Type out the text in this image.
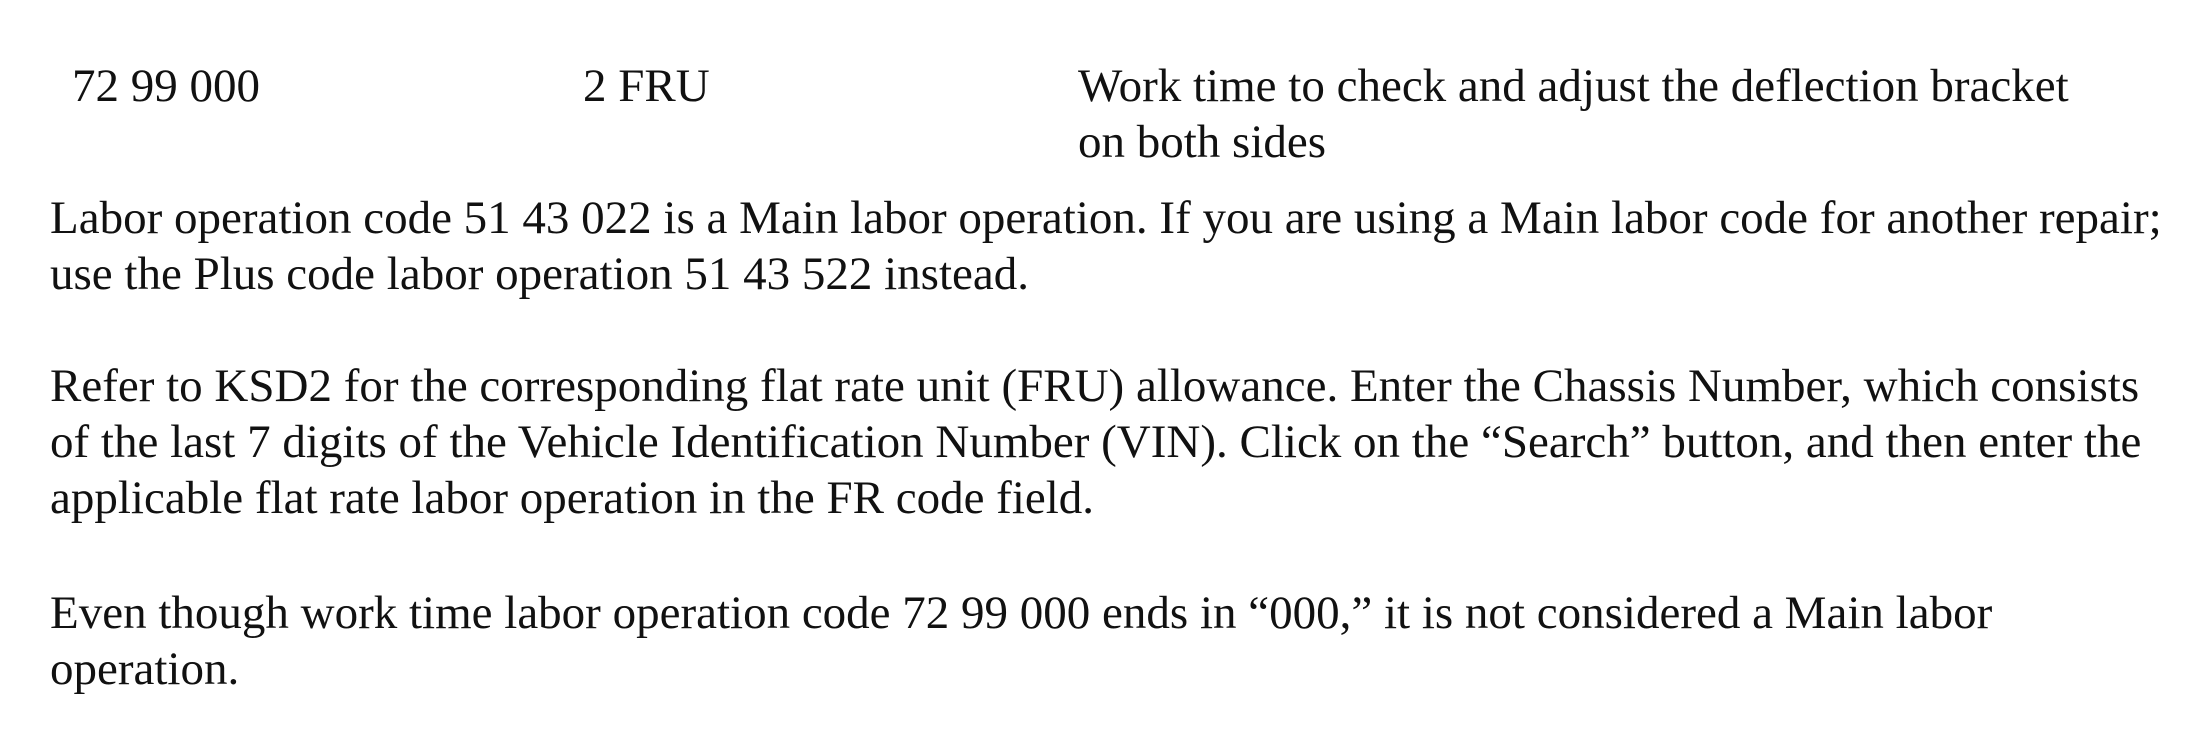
72 99 000	2 FRU	Work time to check and adjust the deflection bracket on both sides

Labor operation code 51 43 022 is a Main labor operation. If you are using a Main labor code for another repair; use the Plus code labor operation 51 43 522 instead.

Refer to KSD2 for the corresponding flat rate unit (FRU) allowance. Enter the Chassis Number, which consists of the last 7 digits of the Vehicle Identification Number (VIN). Click on the “Search” button, and then enter the applicable flat rate labor operation in the FR code field.

Even though work time labor operation code 72 99 000 ends in “000,” it is not considered a Main labor operation.
